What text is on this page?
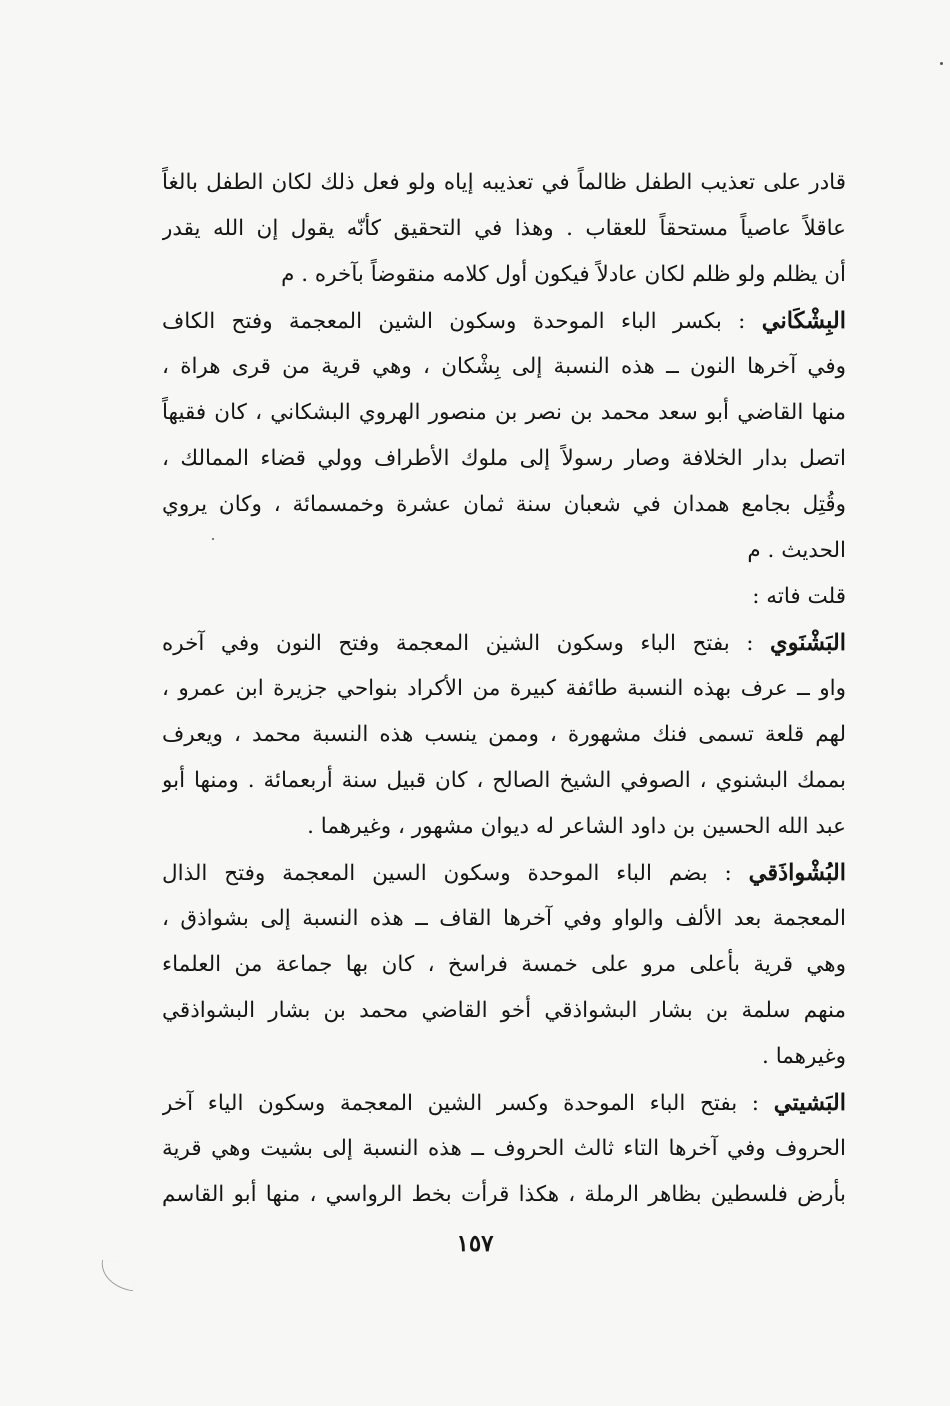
قادر على تعذيب الطفل ظالماً في تعذيبه إياه ولو فعل ذلك لكان الطفل بالغاً
عاقلاً عاصياً مستحقاً للعقاب . وهذا في التحقيق كأنّه يقول إن الله يقدر
أن يظلم ولو ظلم لكان عادلاً فيكون أول كلامه منقوضاً بآخره . م
البِشْكَاني : بكسر الباء الموحدة وسكون الشين المعجمة وفتح الكاف
وفي آخرها النون ــ هذه النسبة إلى بِشْكان ، وهي قرية من قرى هراة ،
منها القاضي أبو سعد محمد بن نصر بن منصور الهروي البشكاني ، كان فقيهاً
اتصل بدار الخلافة وصار رسولاً إلى ملوك الأطراف وولي قضاء الممالك ،
وقُتِل بجامع همدان في شعبان سنة ثمان عشرة وخمسمائة ، وكان يروي
الحديث . م
قلت فاته :
البَشْنَوي : بفتح الباء وسكون الشين المعجمة وفتح النون وفي آخره
واو ــ عرف بهذه النسبة طائفة كبيرة من الأكراد بنواحي جزيرة ابن عمرو ،
لهم قلعة تسمى فنك مشهورة ، وممن ينسب هذه النسبة محمد ، ويعرف
بممك البشنوي ، الصوفي الشيخ الصالح ، كان قبيل سنة أربعمائة . ومنها أبو
عبد الله الحسين بن داود الشاعر له ديوان مشهور ، وغيرهما .
البُشْواذَقي : بضم الباء الموحدة وسكون السين المعجمة وفتح الذال
المعجمة بعد الألف والواو وفي آخرها القاف ــ هذه النسبة إلى بشواذق ،
وهي قرية بأعلى مرو على خمسة فراسخ ، كان بها جماعة من العلماء
منهم سلمة بن بشار البشواذقي أخو القاضي محمد بن بشار البشواذقي
وغيرهما .
البَشيتي : بفتح الباء الموحدة وكسر الشين المعجمة وسكون الياء آخر
الحروف وفي آخرها التاء ثالث الحروف ــ هذه النسبة إلى بشيت وهي قرية
بأرض فلسطين بظاهر الرملة ، هكذا قرأت بخط الرواسي ، منها أبو القاسم
١٥٧
